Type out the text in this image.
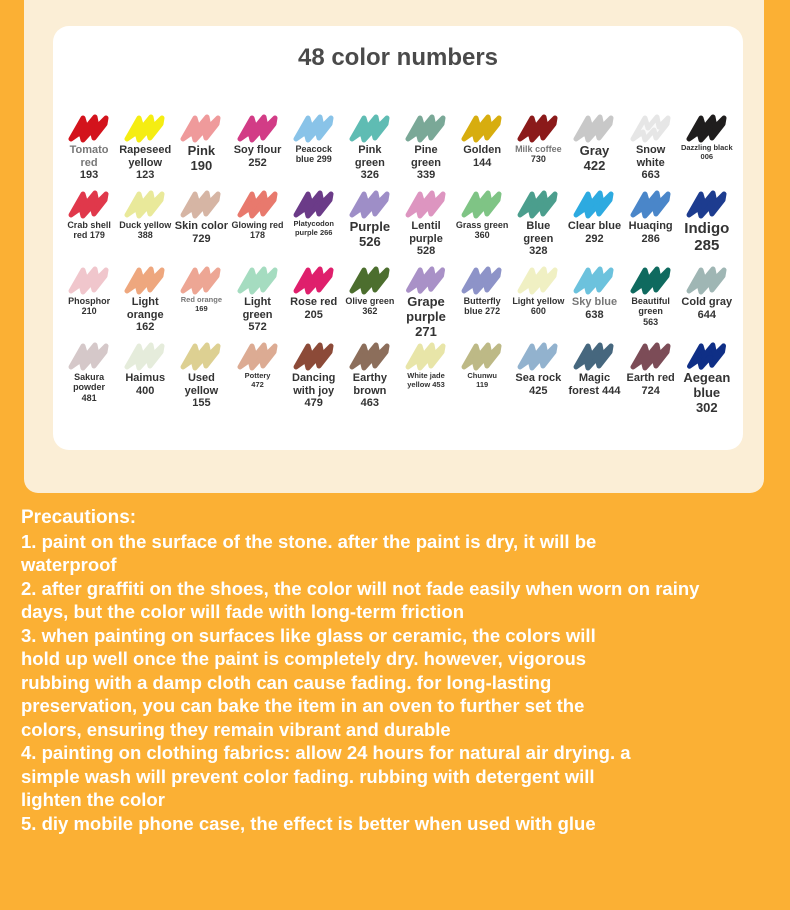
48 color numbers
Tomato red
193
Rapeseed yellow
123
Pink
190
Soy flour
252
Peacock blue 299
Pink green
326
Pine green
339
Golden
144
Milk coffee
730
Gray
422
Snow white
663
Dazzling black
006
Crab shell red 179
Duck yellow
388
Skin color
729
Glowing red 178
Platycodon purple 266	Purple
526
Lentil purple
528
Grass green
360
Blue green
328
Clear blue
292
Huaqing
286
Indigo
285
Phosphor
210
Light orange
162
Red orange
169
Light green
572
Rose red
205
Olive green
362
Grape purple
271
Butterfly blue 272
Light yellow
600
Sky blue
638
Beautiful green
563
Cold gray 644
Sakura powder
481
Haimus
400
Used yellow
155
Pottery
472
Dancing with joy
479
Earthy brown
463
White jade yellow 453
Chunwu
119
Sea rock
425
Magic forest 444
Earth red 724
Aegean blue
302

Precautions:

1. paint on the surface of the stone. after the paint is dry, it will be waterproof

2. after graffiti on the shoes, the color will not fade easily when worn on rainy days, but the color will fade with long-term friction

3. when painting on surfaces like glass or ceramic, the colors will hold up well once the paint is completely dry. however, vigorous rubbing with a damp cloth can cause fading. for long-lasting preservation, you can bake the item in an oven to further set the colors, ensuring they remain vibrant and durable

4. painting on clothing fabrics: allow 24 hours for natural air drying. a simple wash will prevent color fading. rubbing with detergent will lighten the color

5. diy mobile phone case, the effect is better when used with glue
